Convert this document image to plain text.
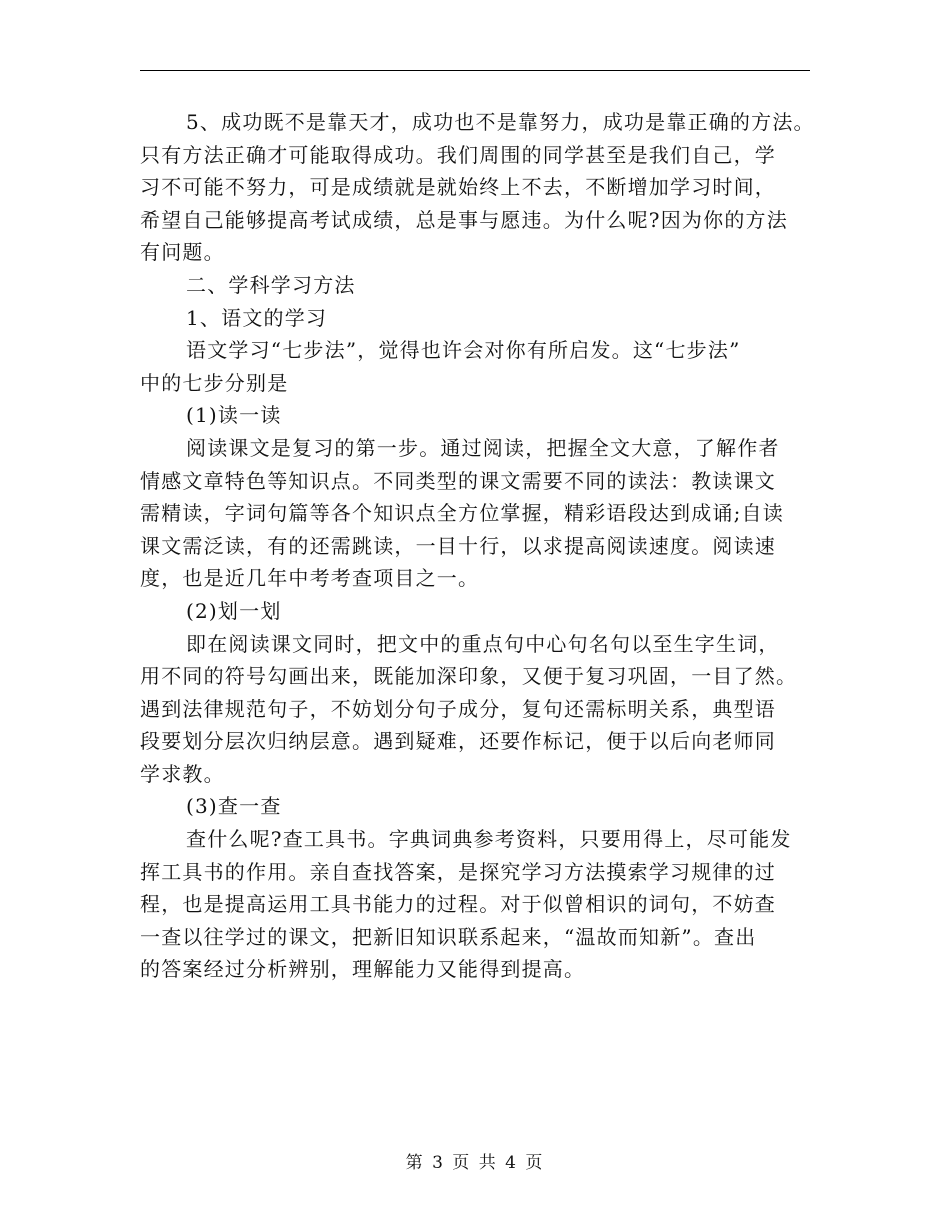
5、成功既不是靠天才，成功也不是靠努力，成功是靠正确的方法。
只有方法正确才可能取得成功。我们周围的同学甚至是我们自己，学
习不可能不努力，可是成绩就是就始终上不去，不断增加学习时间，
希望自己能够提高考试成绩，总是事与愿违。为什么呢?因为你的方法
有问题。
二、学科学习方法
1、语文的学习
语文学习“七步法”，觉得也许会对你有所启发。这“七步法”
中的七步分别是
(1)读一读
阅读课文是复习的第一步。通过阅读，把握全文大意，了解作者
情感文章特色等知识点。不同类型的课文需要不同的读法：教读课文
需精读，字词句篇等各个知识点全方位掌握，精彩语段达到成诵;自读
课文需泛读，有的还需跳读，一目十行，以求提高阅读速度。阅读速
度，也是近几年中考考查项目之一。
(2)划一划
即在阅读课文同时，把文中的重点句中心句名句以至生字生词，
用不同的符号勾画出来，既能加深印象，又便于复习巩固，一目了然。
遇到法律规范句子，不妨划分句子成分，复句还需标明关系，典型语
段要划分层次归纳层意。遇到疑难，还要作标记，便于以后向老师同
学求教。
(3)查一查
查什么呢?查工具书。字典词典参考资料，只要用得上，尽可能发
挥工具书的作用。亲自查找答案，是探究学习方法摸索学习规律的过
程，也是提高运用工具书能力的过程。对于似曾相识的词句，不妨查
一查以往学过的课文，把新旧知识联系起来，“温故而知新”。查出
的答案经过分析辨别，理解能力又能得到提高。
第 3 页 共 4 页
